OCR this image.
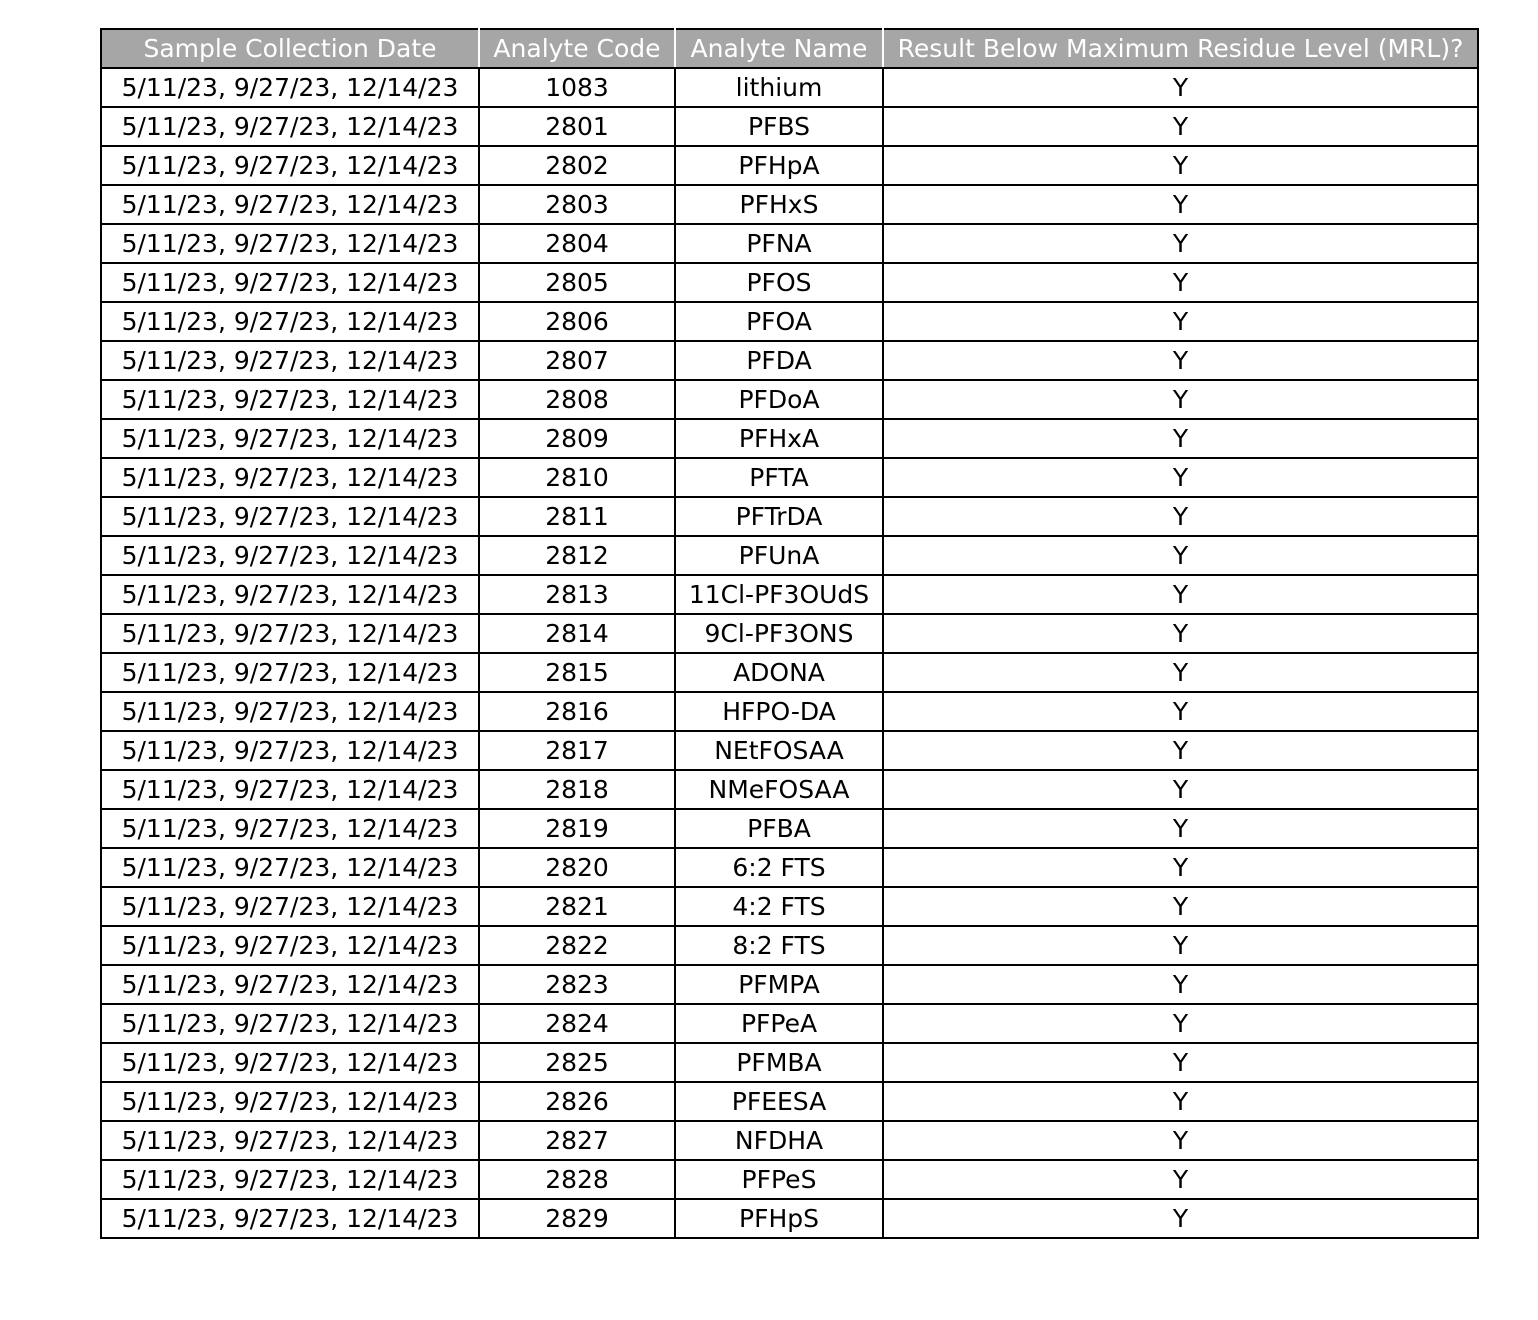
Sample Collection Date	Analyte Code	Analyte Name	Result Below Maximum Residue Level (MRL)?
5/11/23, 9/27/23, 12/14/23	1083	lithium	Y
5/11/23, 9/27/23, 12/14/23	2801	PFBS	Y
5/11/23, 9/27/23, 12/14/23	2802	PFHpA	Y
5/11/23, 9/27/23, 12/14/23	2803	PFHxS	Y
5/11/23, 9/27/23, 12/14/23	2804	PFNA	Y
5/11/23, 9/27/23, 12/14/23	2805	PFOS	Y
5/11/23, 9/27/23, 12/14/23	2806	PFOA	Y
5/11/23, 9/27/23, 12/14/23	2807	PFDA	Y
5/11/23, 9/27/23, 12/14/23	2808	PFDoA	Y
5/11/23, 9/27/23, 12/14/23	2809	PFHxA	Y
5/11/23, 9/27/23, 12/14/23	2810	PFTA	Y
5/11/23, 9/27/23, 12/14/23	2811	PFTrDA	Y
5/11/23, 9/27/23, 12/14/23	2812	PFUnA	Y
5/11/23, 9/27/23, 12/14/23	2813	11Cl-PF3OUdS	Y
5/11/23, 9/27/23, 12/14/23	2814	9Cl-PF3ONS	Y
5/11/23, 9/27/23, 12/14/23	2815	ADONA	Y
5/11/23, 9/27/23, 12/14/23	2816	HFPO-DA	Y
5/11/23, 9/27/23, 12/14/23	2817	NEtFOSAA	Y
5/11/23, 9/27/23, 12/14/23	2818	NMeFOSAA	Y
5/11/23, 9/27/23, 12/14/23	2819	PFBA	Y
5/11/23, 9/27/23, 12/14/23	2820	6:2 FTS	Y
5/11/23, 9/27/23, 12/14/23	2821	4:2 FTS	Y
5/11/23, 9/27/23, 12/14/23	2822	8:2 FTS	Y
5/11/23, 9/27/23, 12/14/23	2823	PFMPA	Y
5/11/23, 9/27/23, 12/14/23	2824	PFPeA	Y
5/11/23, 9/27/23, 12/14/23	2825	PFMBA	Y
5/11/23, 9/27/23, 12/14/23	2826	PFEESA	Y
5/11/23, 9/27/23, 12/14/23	2827	NFDHA	Y
5/11/23, 9/27/23, 12/14/23	2828	PFPeS	Y
5/11/23, 9/27/23, 12/14/23	2829	PFHpS	Y
